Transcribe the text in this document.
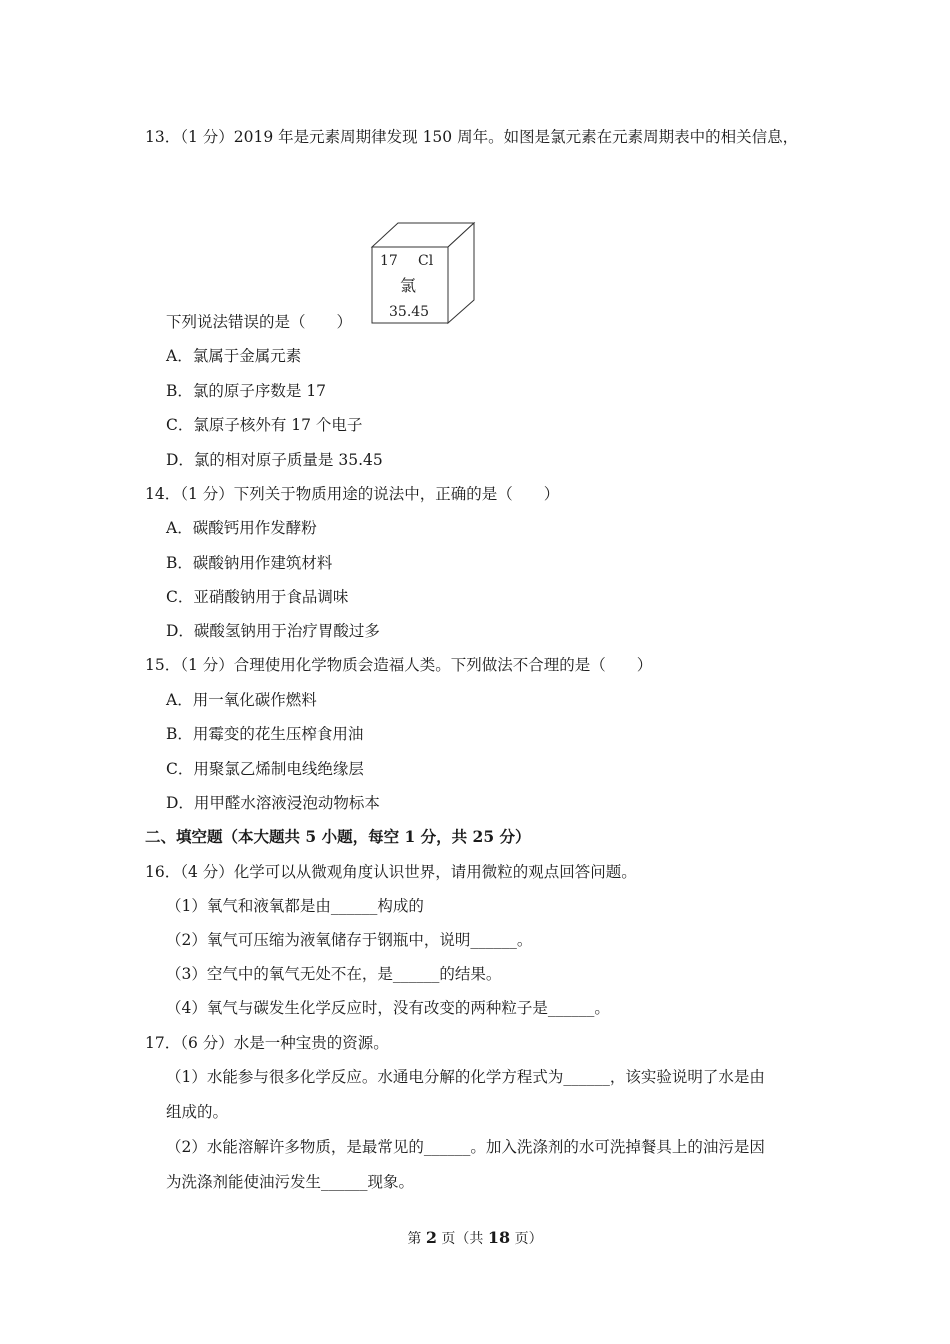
13．（1 分）2019 年是元素周期律发现 150 周年。如图是氯元素在元素周期表中的相关信息，
17 Cl
氯
35.45
下列说法错误的是（　　）
A．氯属于金属元素
B．氯的原子序数是 17
C．氯原子核外有 17 个电子
D．氯的相对原子质量是 35.45
14．（1 分）下列关于物质用途的说法中，正确的是（　　）
A．碳酸钙用作发酵粉
B．碳酸钠用作建筑材料
C．亚硝酸钠用于食品调味
D．碳酸氢钠用于治疗胃酸过多
15．（1 分）合理使用化学物质会造福人类。下列做法不合理的是（　　）
A．用一氧化碳作燃料
B．用霉变的花生压榨食用油
C．用聚氯乙烯制电线绝缘层
D．用甲醛水溶液浸泡动物标本
二、填空题（本大题共 5 小题，每空 1 分，共 25 分）
16．（4 分）化学可以从微观角度认识世界，请用微粒的观点回答问题。
（1）氧气和液氧都是由______构成的
（2）氧气可压缩为液氧储存于钢瓶中，说明______。
（3）空气中的氧气无处不在，是______的结果。
（4）氧气与碳发生化学反应时，没有改变的两种粒子是______。
17．（6 分）水是一种宝贵的资源。
（1）水能参与很多化学反应。水通电分解的化学方程式为______，该实验说明了水是由
组成的。
（2）水能溶解许多物质，是最常见的______。加入洗涤剂的水可洗掉餐具上的油污是因
为洗涤剂能使油污发生______现象。
第 2 页（共 18 页）
